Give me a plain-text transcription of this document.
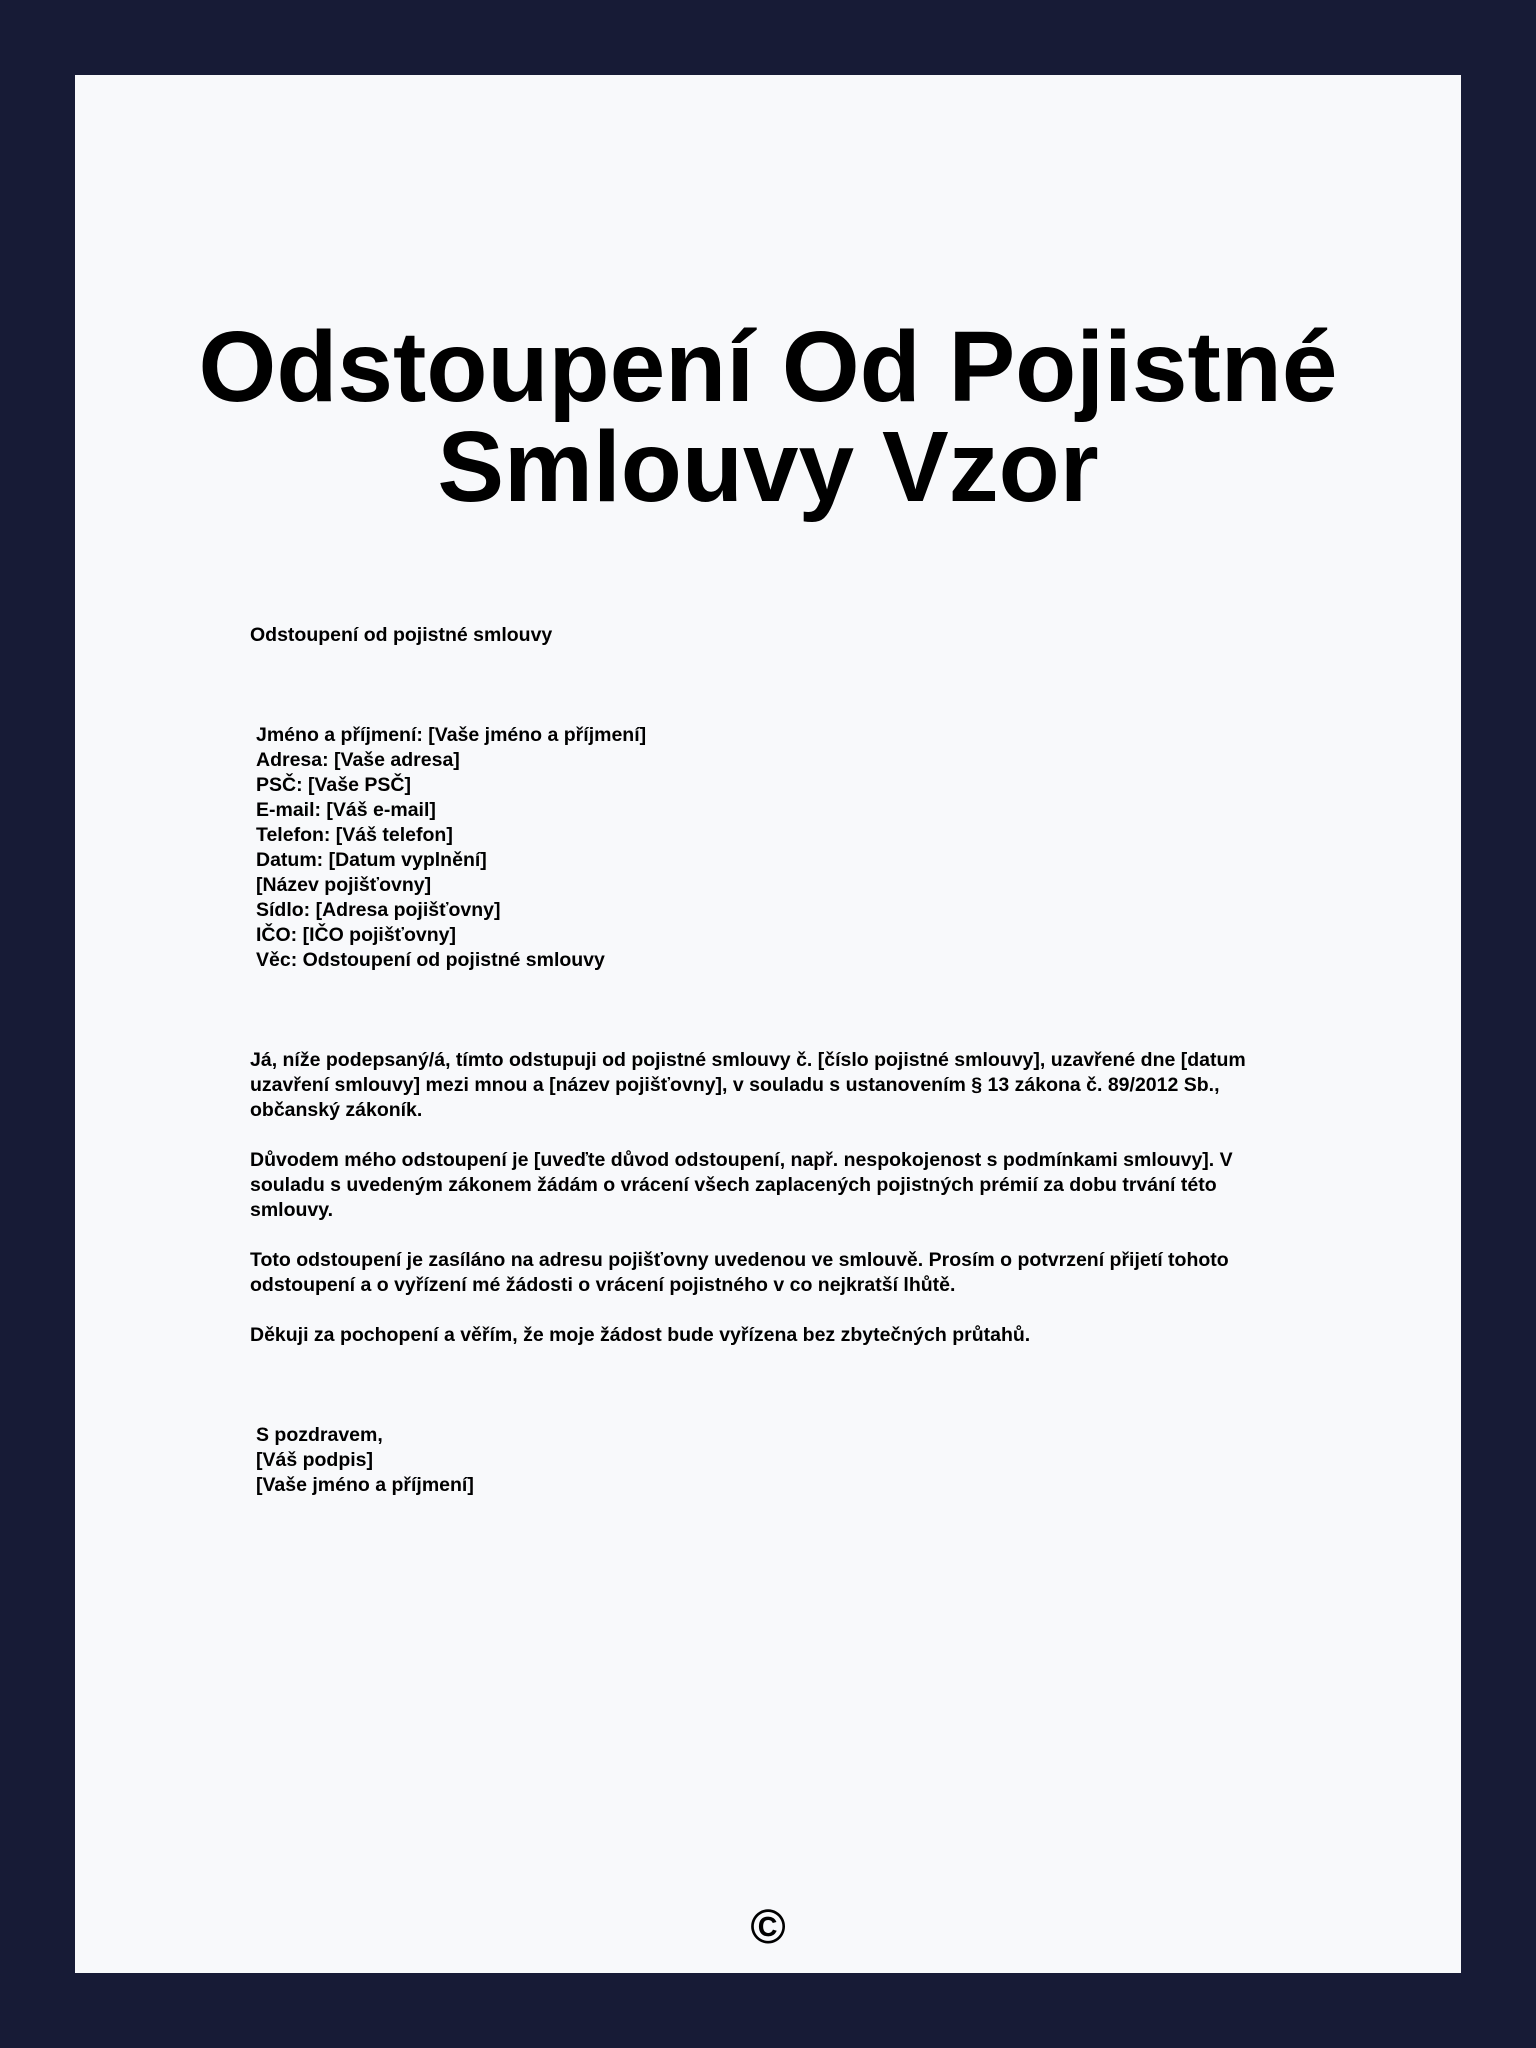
Odstoupení Od Pojistné
Smlouvy Vzor
Odstoupení od pojistné smlouvy
Jméno a příjmení: [Vaše jméno a příjmení]
Adresa: [Vaše adresa]
PSČ: [Vaše PSČ]
E-mail: [Váš e-mail]
Telefon: [Váš telefon]
Datum: [Datum vyplnění]
[Název pojišťovny]
Sídlo: [Adresa pojišťovny]
IČO: [IČO pojišťovny]
Věc: Odstoupení od pojistné smlouvy
Já, níže podepsaný/á, tímto odstupuji od pojistné smlouvy č. [číslo pojistné smlouvy], uzavřené dne [datum
uzavření smlouvy] mezi mnou a [název pojišťovny], v souladu s ustanovením § 13 zákona č. 89/2012 Sb.,
občanský zákoník.
Důvodem mého odstoupení je [uveďte důvod odstoupení, např. nespokojenost s podmínkami smlouvy]. V
souladu s uvedeným zákonem žádám o vrácení všech zaplacených pojistných prémií za dobu trvání této
smlouvy.
Toto odstoupení je zasíláno na adresu pojišťovny uvedenou ve smlouvě. Prosím o potvrzení přijetí tohoto
odstoupení a o vyřízení mé žádosti o vrácení pojistného v co nejkratší lhůtě.
Děkuji za pochopení a věřím, že moje žádost bude vyřízena bez zbytečných průtahů.
S pozdravem,
[Váš podpis]
[Vaše jméno a příjmení]
©
